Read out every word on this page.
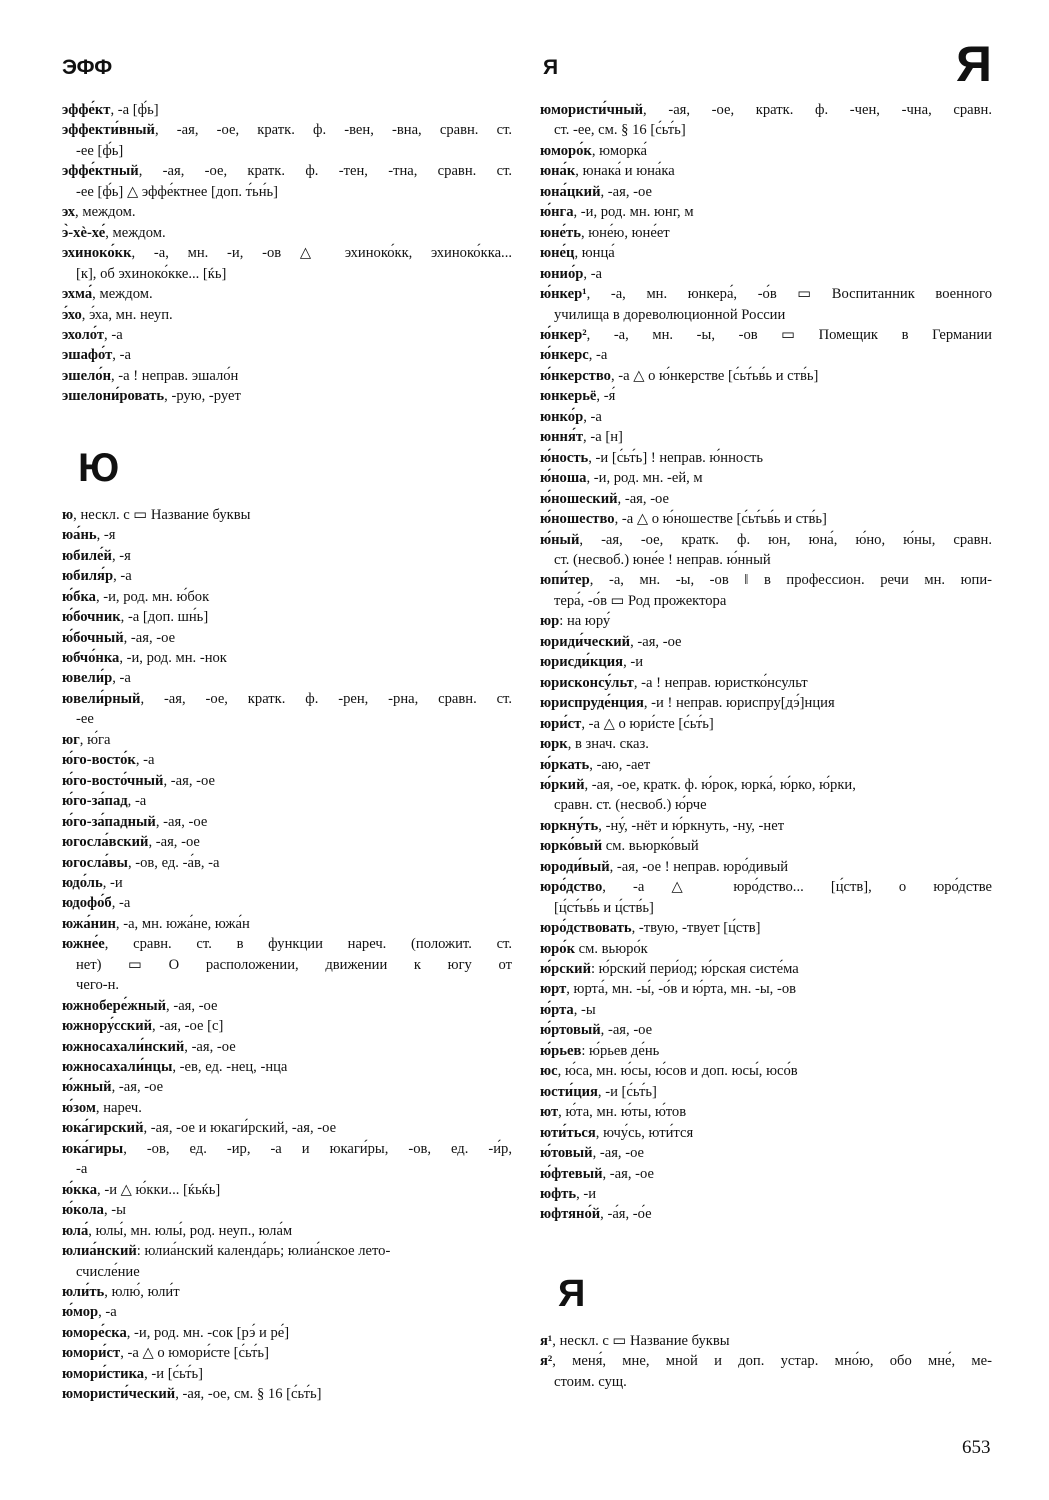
ЭФФ	Я	Я
эффе́кт, -а [ф́ь]
эффекти́вный, -ая, -ое, кратк. ф. -вен, -вна, сравн. ст.
-ее [ф́ь]
эффе́ктный, -ая, -ое, кратк. ф. -тен, -тна, сравн. ст.
-ее [ф́ь] △ эффе́ктнее [доп. т́ьн́ь]
эх, междом.
э̀-хѐ-хе́, междом.
эхиноко́кк, -а, мн. -и, -ов △ эхиноко́кк, эхиноко́кка...
[к], об эхиноко́кке... [ќь]
эхма́, междом.
э́хо, э́ха, мн. неуп.
эхоло́т, -а
эшафо́т, -а
эшело́н, -а ! неправ. эшало́н
эшелони́ровать, -рую, -рует
Ю
ю, нескл. с ▭ Название буквы
юа́нь, -я
юбиле́й, -я
юбиля́р, -а
ю́бка, -и, род. мн. ю́бок
ю́бочник, -а [доп. шн́ь]
ю́бочный, -ая, -ое
юбчо́нка, -и, род. мн. -нок
ювели́р, -а
ювели́рный, -ая, -ое, кратк. ф. -рен, -рна, сравн. ст.
-ее
юг, ю́га
ю́го-восто́к, -а
ю́го-восто́чный, -ая, -ое
ю́го-за́пад, -а
ю́го-за́падный, -ая, -ое
югосла́вский, -ая, -ое
югосла́вы, -ов, ед. -а́в, -а
юдо́ль, -и
юдофо́б, -а
южа́нин, -а, мн. южа́не, южа́н
южне́е, сравн. ст. в функции нареч. (положит. ст.
нет) ▭ О расположении, движении к югу от
чего-н.
южнобере́жный, -ая, -ое
южнору́сский, -ая, -ое [с]
южносахали́нский, -ая, -ое
южносахали́нцы, -ев, ед. -нец, -нца
ю́жный, -ая, -ое
ю́зом, нареч.
юка́гирский, -ая, -ое и юкаги́рский, -ая, -ое
юка́гиры, -ов, ед. -ир, -а и юкаги́ры, -ов, ед. -и́р,
-а
ю́кка, -и △ ю́кки... [ќьќь]
ю́кола, -ы
юла́, юлы́, мн. юлы́, род. неуп., юла́м
юлиа́нский: юлиа́нский календа́рь; юлиа́нское лето-
счисле́ние
юли́ть, юлю́, юли́т
ю́мор, -а
юморе́ска, -и, род. мн. -сок [рэ́ и ре́]
юмори́ст, -а △ о юмори́сте [с́ьт́ь]
юмори́стика, -и [с́ьт́ь]
юмористи́ческий, -ая, -ое, см. § 16 [с́ьт́ь]
юмористи́чный, -ая, -ое, кратк. ф. -чен, -чна, сравн.
ст. -ее, см. § 16 [с́ьт́ь]
юморо́к, юморка́
юна́к, юнака́ и юна́ка
юна́цкий, -ая, -ое
ю́нга, -и, род. мн. юнг, м
юне́ть, юне́ю, юне́ет
юне́ц, юнца́
юнио́р, -а
ю́нкер¹, -а, мн. юнкера́, -о́в ▭ Воспитанник военного
училища в дореволюционной России
ю́нкер², -а, мн. -ы, -ов ▭ Помещик в Германии
ю́нкерс, -а
ю́нкерство, -а △ о ю́нкерстве [с́ьт́ьв́ь и ств́ь]
юнкерьё, -я́
юнко́р, -а
юння́т, -а [н]
ю́ность, -и [с́ьт́ь] ! неправ. ю́нность
ю́ноша, -и, род. мн. -ей, м
ю́ношеский, -ая, -ое
ю́ношество, -а △ о ю́ношестве [с́ьт́ьв́ь и ств́ь]
ю́ный, -ая, -ое, кратк. ф. юн, юна́, ю́но, ю́ны, сравн.
ст. (несвоб.) юне́е ! неправ. ю́нный
юпи́тер, -а, мн. -ы, -ов ‖ в профессион. речи мн. юпи-
тера́, -о́в ▭ Род прожектора
юр: на юру́
юриди́ческий, -ая, -ое
юрисди́кция, -и
юрисконсу́льт, -а ! неправ. юристко́нсульт
юриспруде́нция, -и ! неправ. юриспру[дэ́]нция
юри́ст, -а △ о юри́сте [с́ьт́ь]
юрк, в знач. сказ.
ю́ркать, -аю, -ает
ю́ркий, -ая, -ое, кратк. ф. ю́рок, юрка́, ю́рко, ю́рки,
сравн. ст. (несвоб.) ю́рче
юркну́ть, -ну́, -нёт и ю́ркнуть, -ну, -нет
юрко́вый см. вьюрко́вый
юроди́вый, -ая, -ое ! неправ. юро́дивый
юро́дство, -а △ юро́дство... [ц́ств], о юро́дстве
[ц́ст́ьв́ь и ц́ств́ь]
юро́дствовать, -твую, -твует [ц́ств]
юро́к см. вьюро́к
ю́рский: ю́рский пери́од; ю́рская систе́ма
юрт, юрта́, мн. -ы́, -о́в и ю́рта, мн. -ы, -ов
ю́рта, -ы
ю́ртовый, -ая, -ое
ю́рьев: ю́рьев де́нь
юс, ю́са, мн. ю́сы, ю́сов и доп. юсы́, юсо́в
юсти́ция, -и [с́ьт́ь]
ют, ю́та, мн. ю́ты, ю́тов
юти́ться, ючу́сь, юти́тся
ю́товый, -ая, -ое
ю́фтевый, -ая, -ое
юфть, -и
юфтяно́й, -а́я, -о́е
Я
я¹, нескл. с ▭ Название буквы
я², меня́, мне, мной и доп. устар. мно́ю, обо мне́, ме-
стоим. сущ.
653
